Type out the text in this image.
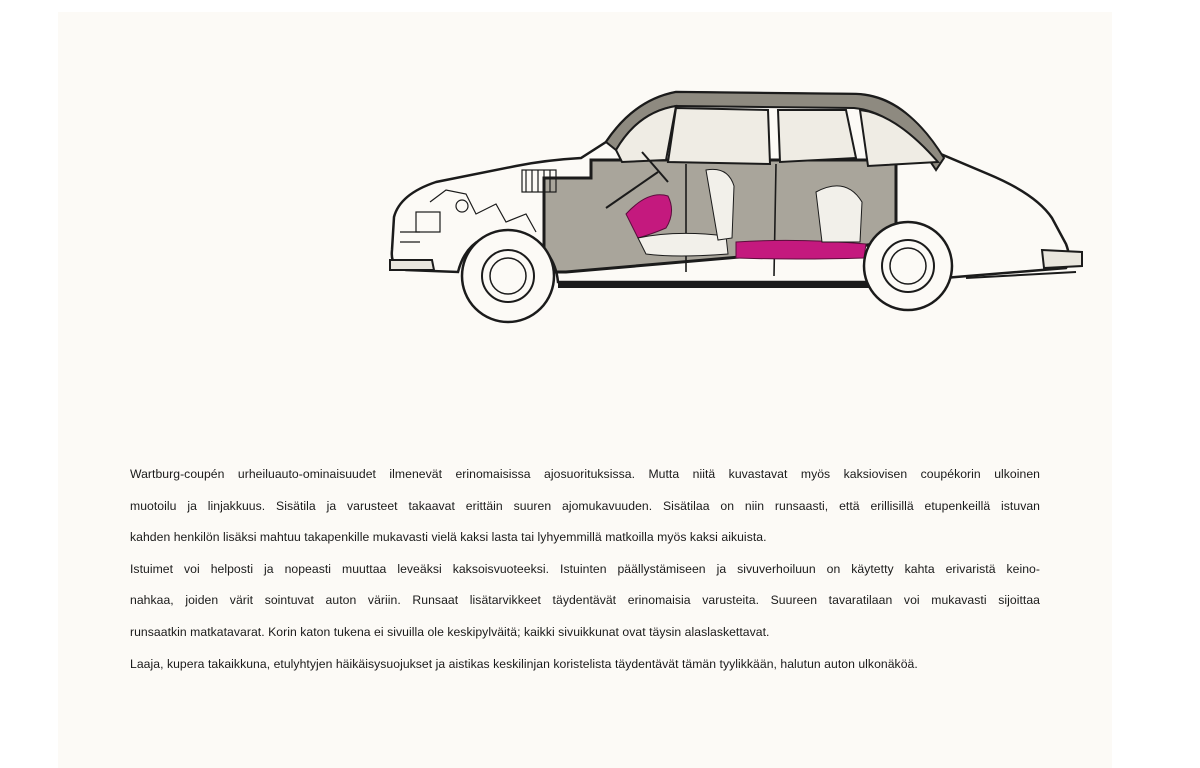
Wartburg-coupén urheiluauto-ominaisuudet ilmenevät erinomaisissa ajosuorituksissa. Mutta niitä kuvastavat myös kaksiovisen coupékorin ulkoinen
muotoilu ja linjakkuus. Sisätila ja varusteet takaavat erittäin suuren ajomukavuuden. Sisätilaa on niin runsaasti, että erillisillä etupenkeillä istuvan
kahden henkilön lisäksi mahtuu takapenkille mukavasti vielä kaksi lasta tai lyhyemmillä matkoilla myös kaksi aikuista.

Istuimet voi helposti ja nopeasti muuttaa leveäksi kaksoisvuoteeksi. Istuinten päällystämiseen ja sivuverhoiluun on käytetty kahta erivaristä keino-
nahkaa, joiden värit sointuvat auton väriin. Runsaat lisätarvikkeet täydentävät erinomaisia varusteita. Suureen tavaratilaan voi mukavasti sijoittaa
runsaatkin matkatavarat. Korin katon tukena ei sivuilla ole keskipylväitä; kaikki sivuikkunat ovat täysin alaslaskettavat.

Laaja, kupera takaikkuna, etulyhtyjen häikäisysuojukset ja aistikas keskilinjan koristelista täydentävät tämän tyylikkään, halutun auton ulkonäköä.
